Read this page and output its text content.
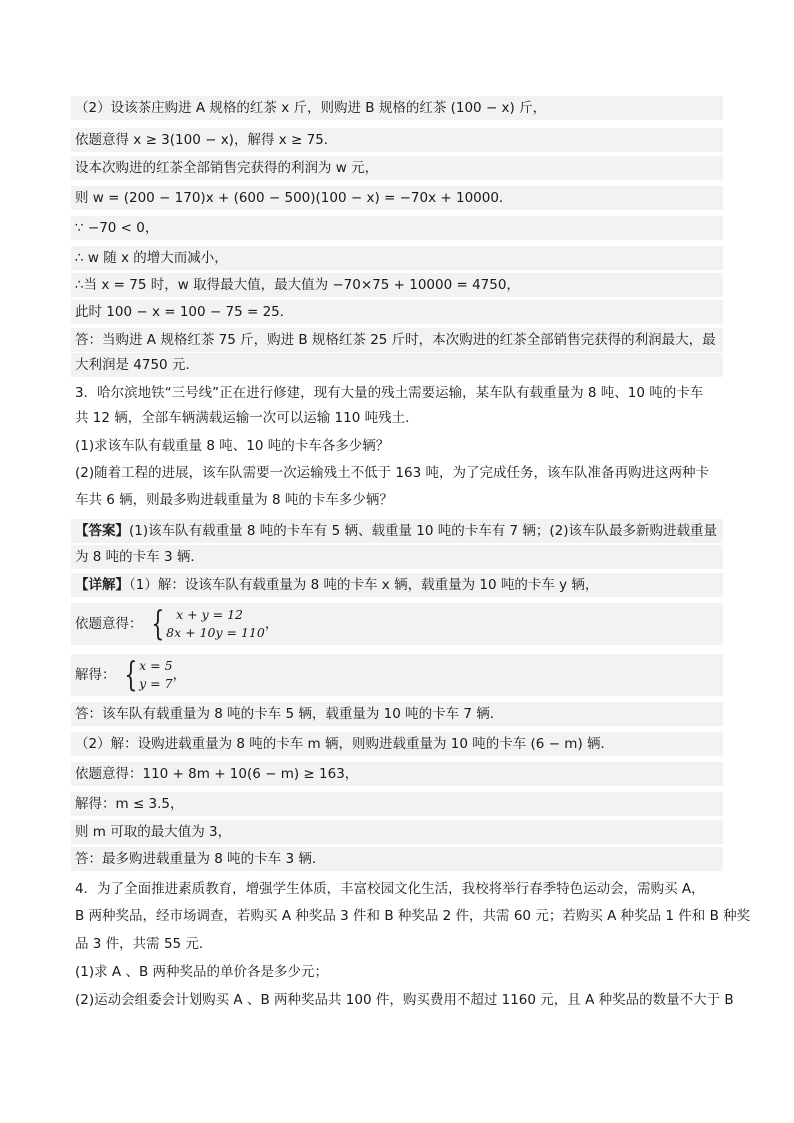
（2）设该茶庄购进 A 规格的红茶 x 斤，则购进 B 规格的红茶 (100 − x) 斤，
依题意得 x ≥ 3(100 − x)，解得 x ≥ 75．
设本次购进的红茶全部销售完获得的利润为 w 元，
则 w = (200 − 170)x + (600 − 500)(100 − x) = −70x + 10000．
∵ −70 < 0，
∴ w 随 x 的增大而减小，
∴当 x = 75 时，w 取得最大值，最大值为 −70×75 + 10000 = 4750，
此时 100 − x = 100 − 75 = 25．
答：当购进 A 规格红茶 75 斤，购进 B 规格红茶 25 斤时，本次购进的红茶全部销售完获得的利润最大，最
大利润是 4750 元．
3．哈尔滨地铁“三号线”正在进行修建，现有大量的残土需要运输，某车队有载重量为 8 吨、10 吨的卡车
共 12 辆，全部车辆满载运输一次可以运输 110 吨残土．
(1)求该车队有载重量 8 吨、10 吨的卡车各多少辆？
(2)随着工程的进展，该车队需要一次运输残土不低于 163 吨，为了完成任务，该车队准备再购进这两种卡
车共 6 辆，则最多购进载重量为 8 吨的卡车多少辆？
【答案】(1)该车队有载重量 8 吨的卡车有 5 辆、载重量 10 吨的卡车有 7 辆；(2)该车队最多新购进载重量
为 8 吨的卡车 3 辆．
【详解】（1）解：设该车队有载重量为 8 吨的卡车 x 辆，载重量为 10 吨的卡车 y 辆，
依题意得： { x + y = 12
8x + 10y = 110
，
解得： { x = 5
y = 7
，
答：该车队有载重量为 8 吨的卡车 5 辆，载重量为 10 吨的卡车 7 辆．
（2）解：设购进载重量为 8 吨的卡车 m 辆，则购进载重量为 10 吨的卡车 (6 − m) 辆．
依题意得：110 + 8m + 10(6 − m) ≥ 163，
解得：m ≤ 3.5，
则 m 可取的最大值为 3，
答：最多购进载重量为 8 吨的卡车 3 辆．
4．为了全面推进素质教育，增强学生体质，丰富校园文化生活，我校将举行春季特色运动会，需购买 A，
B 两种奖品，经市场调查，若购买 A 种奖品 3 件和 B 种奖品 2 件，共需 60 元；若购买 A 种奖品 1 件和 B 种奖
品 3 件，共需 55 元．
(1)求 A 、B 两种奖品的单价各是多少元；
(2)运动会组委会计划购买 A 、B 两种奖品共 100 件，购买费用不超过 1160 元，且 A 种奖品的数量不大于 B
